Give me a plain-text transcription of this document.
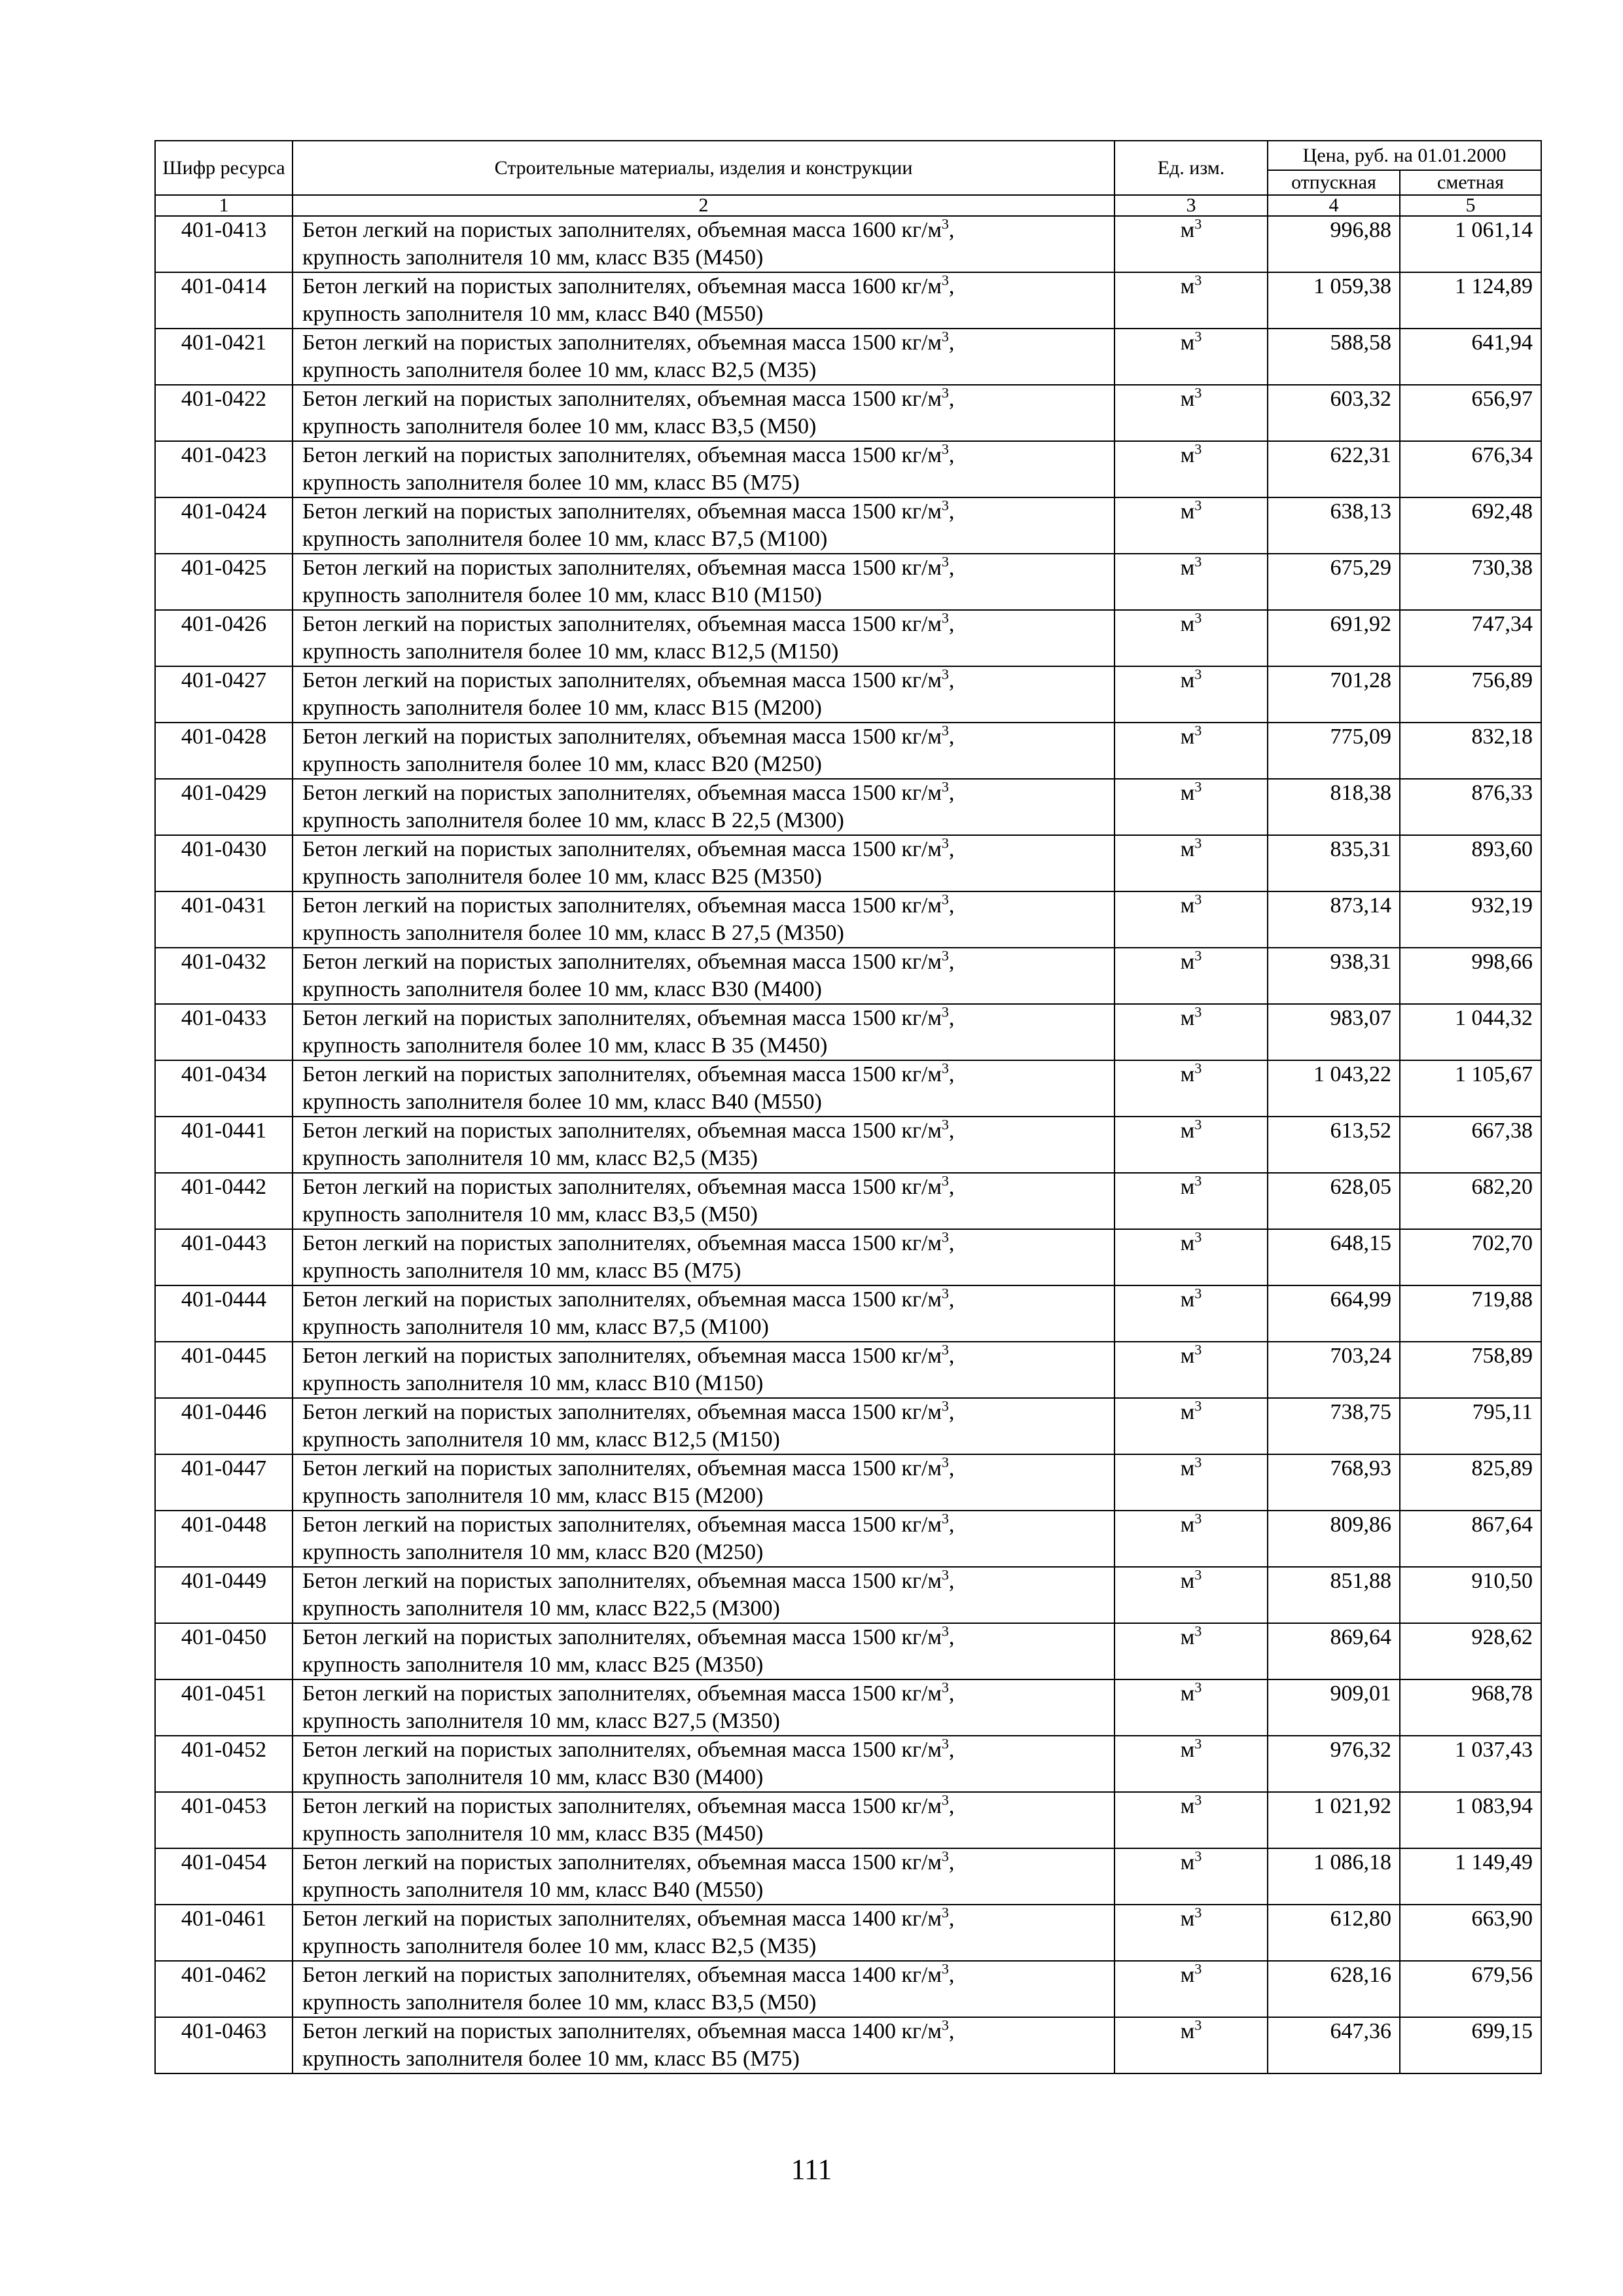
Шифр ресурса	Строительные материалы, изделия и конструкции	Ед. изм.	Цена, руб. на 01.01.2000	
			отпускная	сметная
1	2	3	4	5
401-0413	Бетон легкий на пористых заполнителях, объемная масса 1600 $кг/м^3$,
крупность заполнителя 10 мм, класс В35 (М450)	$м^3$	996,88	1 061,14
401-0414	Бетон легкий на пористых заполнителях, объемная масса 1600 $кг/м^3$,
крупность заполнителя 10 мм, класс В40 (М550)	$м^3$	1 059,38	1 124,89
401-0421	Бетон легкий на пористых заполнителях, объемная масса 1500 $кг/м^3$,
крупность заполнителя более 10 мм, класс В2,5 (М35)	$м^3$	588,58	641,94
401-0422	Бетон легкий на пористых заполнителях, объемная масса 1500 $кг/м^3$,
крупность заполнителя более 10 мм, класс В3,5 (М50)	$м^3$	603,32	656,97
401-0423	Бетон легкий на пористых заполнителях, объемная масса 1500 $кг/м^3$,
крупность заполнителя более 10 мм, класс В5 (М75)	$м^3$	622,31	676,34
401-0424	Бетон легкий на пористых заполнителях, объемная масса 1500 $кг/м^3$,
крупность заполнителя более 10 мм, класс В7,5 (М100)	$м^3$	638,13	692,48
401-0425	Бетон легкий на пористых заполнителях, объемная масса 1500 $кг/м^3$,
крупность заполнителя более 10 мм, класс В10 (М150)	$м^3$	675,29	730,38
401-0426	Бетон легкий на пористых заполнителях, объемная масса 1500 $кг/м^3$,
крупность заполнителя более 10 мм, класс В12,5 (М150)	$м^3$	691,92	747,34
401-0427	Бетон легкий на пористых заполнителях, объемная масса 1500 $кг/м^3$,
крупность заполнителя более 10 мм, класс В15 (М200)	$м^3$	701,28	756,89
401-0428	Бетон легкий на пористых заполнителях, объемная масса 1500 $кг/м^3$,
крупность заполнителя более 10 мм, класс В20 (М250)	$м^3$	775,09	832,18
401-0429	Бетон легкий на пористых заполнителях, объемная масса 1500 $кг/м^3$,
крупность заполнителя более 10 мм, класс В 22,5 (М300)	$м^3$	818,38	876,33
401-0430	Бетон легкий на пористых заполнителях, объемная масса 1500 $кг/м^3$,
крупность заполнителя более 10 мм, класс В25 (М350)	$м^3$	835,31	893,60
401-0431	Бетон легкий на пористых заполнителях, объемная масса 1500 $кг/м^3$,
крупность заполнителя более 10 мм, класс В 27,5 (М350)	$м^3$	873,14	932,19
401-0432	Бетон легкий на пористых заполнителях, объемная масса 1500 $кг/м^3$,
крупность заполнителя более 10 мм, класс В30 (М400)	$м^3$	938,31	998,66
401-0433	Бетон легкий на пористых заполнителях, объемная масса 1500 $кг/м^3$,
крупность заполнителя более 10 мм, класс В 35 (М450)	$м^3$	983,07	1 044,32
401-0434	Бетон легкий на пористых заполнителях, объемная масса 1500 $кг/м^3$,
крупность заполнителя более 10 мм, класс В40 (М550)	$м^3$	1 043,22	1 105,67
401-0441	Бетон легкий на пористых заполнителях, объемная масса 1500 $кг/м^3$,
крупность заполнителя 10 мм, класс В2,5 (М35)	$м^3$	613,52	667,38
401-0442	Бетон легкий на пористых заполнителях, объемная масса 1500 $кг/м^3$,
крупность заполнителя 10 мм, класс В3,5 (М50)	$м^3$	628,05	682,20
401-0443	Бетон легкий на пористых заполнителях, объемная масса 1500 $кг/м^3$,
крупность заполнителя 10 мм, класс В5 (М75)	$м^3$	648,15	702,70
401-0444	Бетон легкий на пористых заполнителях, объемная масса 1500 $кг/м^3$,
крупность заполнителя 10 мм, класс В7,5 (М100)	$м^3$	664,99	719,88
401-0445	Бетон легкий на пористых заполнителях, объемная масса 1500 $кг/м^3$,
крупность заполнителя 10 мм, класс В10 (М150)	$м^3$	703,24	758,89
401-0446	Бетон легкий на пористых заполнителях, объемная масса 1500 $кг/м^3$,
крупность заполнителя 10 мм, класс В12,5 (М150)	$м^3$	738,75	795,11
401-0447	Бетон легкий на пористых заполнителях, объемная масса 1500 $кг/м^3$,
крупность заполнителя 10 мм, класс В15 (М200)	$м^3$	768,93	825,89
401-0448	Бетон легкий на пористых заполнителях, объемная масса 1500 $кг/м^3$,
крупность заполнителя 10 мм, класс В20 (М250)	$м^3$	809,86	867,64
401-0449	Бетон легкий на пористых заполнителях, объемная масса 1500 $кг/м^3$,
крупность заполнителя 10 мм, класс В22,5 (М300)	$м^3$	851,88	910,50
401-0450	Бетон легкий на пористых заполнителях, объемная масса 1500 $кг/м^3$,
крупность заполнителя 10 мм, класс В25 (М350)	$м^3$	869,64	928,62
401-0451	Бетон легкий на пористых заполнителях, объемная масса 1500 $кг/м^3$,
крупность заполнителя 10 мм, класс В27,5 (М350)	$м^3$	909,01	968,78
401-0452	Бетон легкий на пористых заполнителях, объемная масса 1500 $кг/м^3$,
крупность заполнителя 10 мм, класс В30 (М400)	$м^3$	976,32	1 037,43
401-0453	Бетон легкий на пористых заполнителях, объемная масса 1500 $кг/м^3$,
крупность заполнителя 10 мм, класс В35 (М450)	$м^3$	1 021,92	1 083,94
401-0454	Бетон легкий на пористых заполнителях, объемная масса 1500 $кг/м^3$,
крупность заполнителя 10 мм, класс В40 (М550)	$м^3$	1 086,18	1 149,49
401-0461	Бетон легкий на пористых заполнителях, объемная масса 1400 $кг/м^3$,
крупность заполнителя более 10 мм, класс В2,5 (М35)	$м^3$	612,80	663,90
401-0462	Бетон легкий на пористых заполнителях, объемная масса 1400 $кг/м^3$,
крупность заполнителя более 10 мм, класс В3,5 (М50)	$м^3$	628,16	679,56
401-0463	Бетон легкий на пористых заполнителях, объемная масса 1400 $кг/м^3$,
крупность заполнителя более 10 мм, класс В5 (М75)	$м^3$	647,36	699,15
111
